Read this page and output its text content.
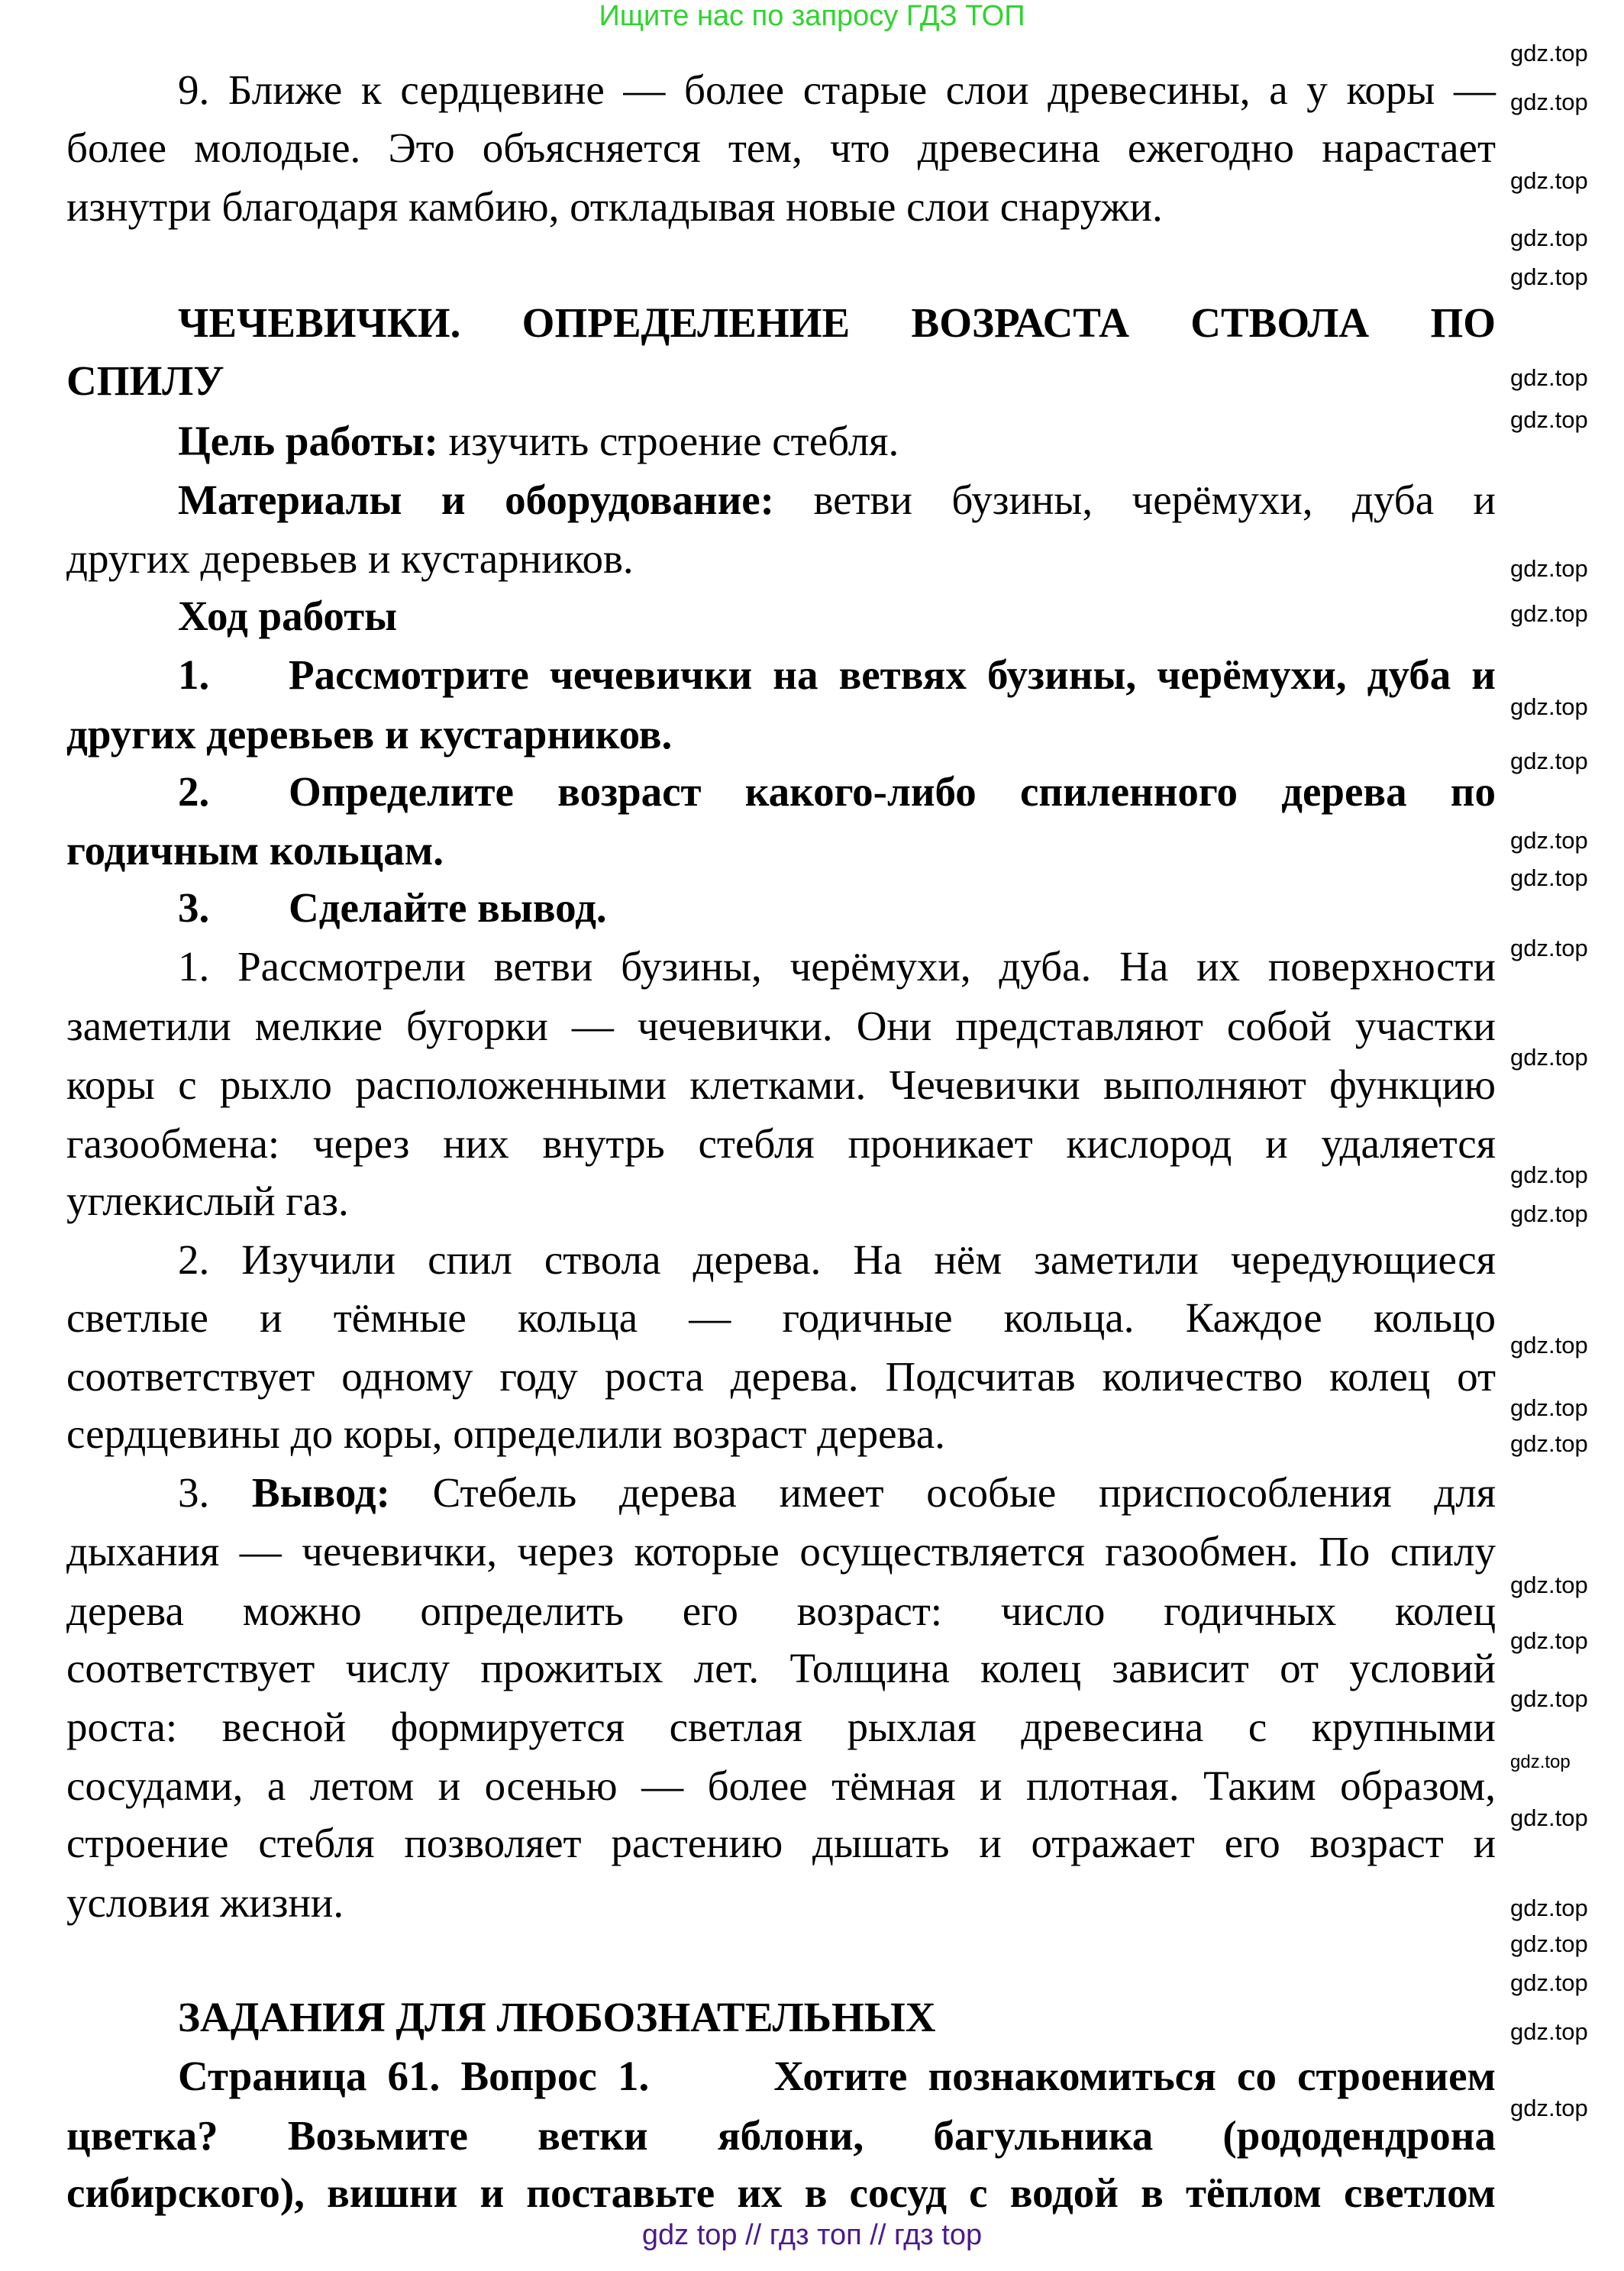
Ищите нас по запросу ГДЗ ТОП
9. Ближе к сердцевине — более старые слои древесины, а у коры —
более молодые. Это объясняется тем, что древесина ежегодно нарастает
изнутри благодаря камбию, откладывая новые слои снаружи.
ЧЕЧЕВИЧКИ. ОПРЕДЕЛЕНИЕ ВОЗРАСТА СТВОЛА ПО
СПИЛУ
Цель работы: изучить строение стебля.
Материалы и оборудование: ветви бузины, черёмухи, дуба и
других деревьев и кустарников.
Ход работы
1. Рассмотрите чечевички на ветвях бузины, черёмухи, дуба и
других деревьев и кустарников.
2. Определите возраст какого-либо спиленного дерева по
годичным кольцам.
3. Сделайте вывод.
1. Рассмотрели ветви бузины, черёмухи, дуба. На их поверхности
заметили мелкие бугорки — чечевички. Они представляют собой участки
коры с рыхло расположенными клетками. Чечевички выполняют функцию
газообмена: через них внутрь стебля проникает кислород и удаляется
углекислый газ.
2. Изучили спил ствола дерева. На нём заметили чередующиеся
светлые и тёмные кольца — годичные кольца. Каждое кольцо
соответствует одному году роста дерева. Подсчитав количество колец от
сердцевины до коры, определили возраст дерева.
3. Вывод: Стебель дерева имеет особые приспособления для
дыхания — чечевички, через которые осуществляется газообмен. По спилу
дерева можно определить его возраст: число годичных колец
соответствует числу прожитых лет. Толщина колец зависит от условий
роста: весной формируется светлая рыхлая древесина с крупными
сосудами, а летом и осенью — более тёмная и плотная. Таким образом,
строение стебля позволяет растению дышать и отражает его возраст и
условия жизни.
ЗАДАНИЯ ДЛЯ ЛЮБОЗНАТЕЛЬНЫХ
Страница 61. Вопрос 1.      Хотите познакомиться со строением
цветка? Возьмите ветки яблони, багульника (рододендрона
сибирского), вишни и поставьте их в сосуд с водой в тёплом светлом
gdz.top
gdz.top
gdz.top
gdz.top
gdz.top
gdz.top
gdz.top
gdz.top
gdz.top
gdz.top
gdz.top
gdz.top
gdz.top
gdz.top
gdz.top
gdz.top
gdz.top
gdz.top
gdz.top
gdz.top
gdz.top
gdz.top
gdz.top
gdz.top
gdz.top
gdz.top
gdz.top
gdz.top
gdz.top
gdz.top
gdz top // гдз топ // гдз top
